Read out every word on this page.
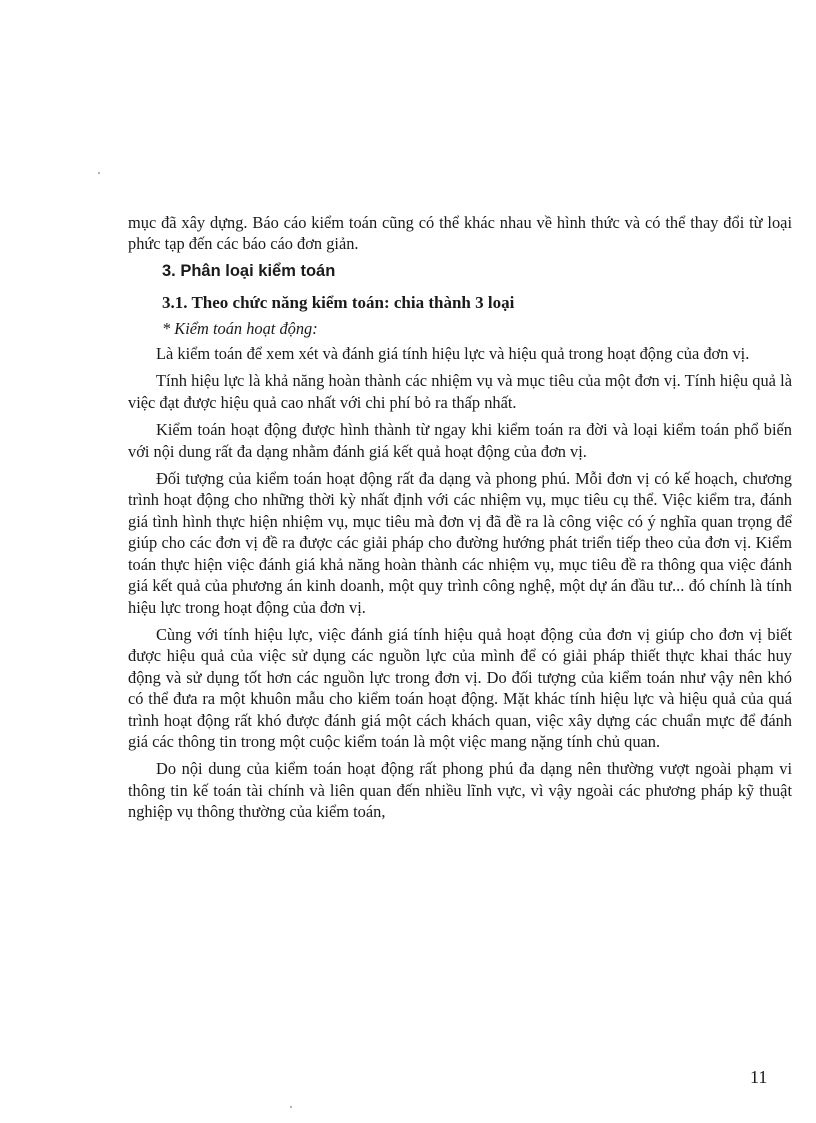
mục đã xây dựng. Báo cáo kiểm toán cũng có thể khác nhau về hình thức và có thể thay đổi từ loại phức tạp đến các báo cáo đơn giản.

3. Phân loại kiểm toán
3.1. Theo chức năng kiểm toán: chia thành 3 loại
* Kiểm toán hoạt động:

Là kiểm toán để xem xét và đánh giá tính hiệu lực và hiệu quả trong hoạt động của đơn vị.

Tính hiệu lực là khả năng hoàn thành các nhiệm vụ và mục tiêu của một đơn vị. Tính hiệu quả là việc đạt được hiệu quả cao nhất với chi phí bỏ ra thấp nhất.

Kiểm toán hoạt động được hình thành từ ngay khi kiểm toán ra đời và loại kiểm toán phổ biến với nội dung rất đa dạng nhằm đánh giá kết quả hoạt động của đơn vị.

Đối tượng của kiểm toán hoạt động rất đa dạng và phong phú. Mỗi đơn vị có kế hoạch, chương trình hoạt động cho những thời kỳ nhất định với các nhiệm vụ, mục tiêu cụ thể. Việc kiểm tra, đánh giá tình hình thực hiện nhiệm vụ, mục tiêu mà đơn vị đã đề ra là công việc có ý nghĩa quan trọng để giúp cho các đơn vị đề ra được các giải pháp cho đường hướng phát triển tiếp theo của đơn vị. Kiểm toán thực hiện việc đánh giá khả năng hoàn thành các nhiệm vụ, mục tiêu đề ra thông qua việc đánh giá kết quả của phương án kinh doanh, một quy trình công nghệ, một dự án đầu tư... đó chính là tính hiệu lực trong hoạt động của đơn vị.

Cùng với tính hiệu lực, việc đánh giá tính hiệu quả hoạt động của đơn vị giúp cho đơn vị biết được hiệu quả của việc sử dụng các nguồn lực của mình để có giải pháp thiết thực khai thác huy động và sử dụng tốt hơn các nguồn lực trong đơn vị. Do đối tượng của kiểm toán như vậy nên khó có thể đưa ra một khuôn mẫu cho kiểm toán hoạt động. Mặt khác tính hiệu lực và hiệu quả của quá trình hoạt động rất khó được đánh giá một cách khách quan, việc xây dựng các chuẩn mực để đánh giá các thông tin trong một cuộc kiểm toán là một việc mang nặng tính chủ quan.

Do nội dung của kiểm toán hoạt động rất phong phú đa dạng nên thường vượt ngoài phạm vi thông tin kế toán tài chính và liên quan đến nhiều lĩnh vực, vì vậy ngoài các phương pháp kỹ thuật nghiệp vụ thông thường của kiểm toán,

11
